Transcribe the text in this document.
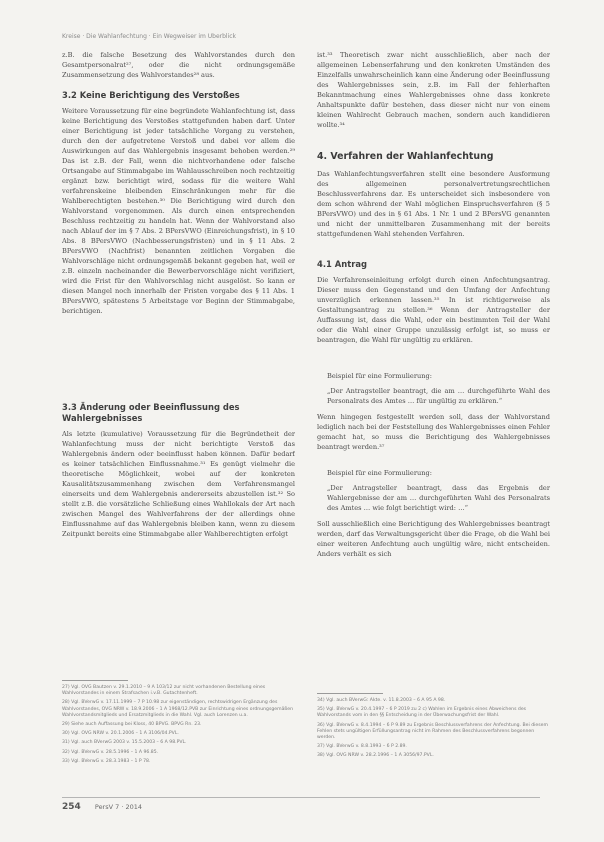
Kreise · Die Wahlanfechtung · Ein Wegweiser im Überblick

z.B. die falsche Besetzung des Wahlvorstandes durch den Gesamtpersonalrat²⁷, oder die nicht ordnungsgemäße Zusammensetzung des Wahlvorstandes²⁸ aus.

3.2 Keine Berichtigung des Verstoßes

Weitere Voraussetzung für eine begründete Wahlanfechtung ist, dass keine Berichtigung des Verstoßes stattgefunden haben darf. Unter einer Berichtigung ist jeder tatsächliche Vorgang zu verstehen, durch den der aufgetretene Verstoß und dabei vor allem die Auswirkungen auf das Wahlergebnis insgesamt behoben werden.²⁹ Das ist z.B. der Fall, wenn die nichtvorhandene oder falsche Ortsangabe auf Stimmabgabe im Wahlausschreiben noch rechtzeitig ergänzt bzw. berichtigt wird, sodass für die weitere Wahl verfahrenskeine bleibenden Einschränkungen mehr für die Wahlberechtigten bestehen.³⁰ Die Berichtigung wird durch den Wahlvorstand vorgenommen. Als durch einen entsprechenden Beschluss rechtzeitig zu handeln hat. Wenn der Wahlvorstand also nach Ablauf der im § 7 Abs. 2 BPersVWO (Einreichungsfrist), in § 10 Abs. 8 BPersVWO (Nachbesserungsfristen) und in § 11 Abs. 2 BPersVWO (Nachfrist) benannten zeitlichen Vorgaben die Wahlvorschläge nicht ordnungsgemäß bekannt gegeben hat, weil er z.B. einzeln nacheinander die Bewerbervorschläge nicht verifiziert, wird die Frist für den Wahlvorschlag nicht ausgelöst. So kann er diesen Mangel noch innerhalb der Fristen vorgabe des § 11 Abs. 1 BPersVWO, spätestens 5 Arbeitstage vor Beginn der Stimmabgabe, berichtigen.

3.3 Änderung oder Beeinflussung des Wahlergebnisses

Als letzte (kumulative) Voraussetzung für die Begründetheit der Wahlanfechtung muss der nicht berichtigte Verstoß das Wahlergebnis ändern oder beeinflusst haben können. Dafür bedarf es keiner tatsächlichen Einflussnahme.³¹ Es genügt vielmehr die theoretische Möglichkeit, wobei auf der konkreten Kausalitätszusammenhang zwischen dem Verfahrensmangel einerseits und dem Wahlergebnis andererseits abzustellen ist.³² So stellt z.B. die vorsätzliche Schließung eines Wahllokals der Art nach zwischen Mangel des Wahlverfahrens der der allerdings ohne Einflussnahme auf das Wahlergebnis bleiben kann, wenn zu diesem Zeitpunkt bereits eine Stimmabgabe aller Wahlberechtigten erfolgt

ist.³³ Theoretisch zwar nicht ausschließlich, aber nach der allgemeinen Lebenserfahrung und den konkreten Umständen des Einzelfalls unwahrscheinlich kann eine Änderung oder Beeinflussung des Wahlergebnisses sein, z.B. im Fall der fehlerhaften Bekanntmachung eines Wahlergebnisses ohne dass konkrete Anhaltspunkte dafür bestehen, dass dieser nicht nur von einem kleinen Wahlrecht Gebrauch machen, sondern auch kandidieren wollte.³⁴

4. Verfahren der Wahlanfechtung

Das Wahlanfechtungsverfahren stellt eine besondere Ausformung des allgemeinen personalvertretungsrechtlichen Beschlussverfahrens dar. Es unterscheidet sich insbesondere von dem schon während der Wahl möglichen Einspruchsverfahren (§ 5 BPersVWO) und des in § 61 Abs. 1 Nr. 1 und 2 BPersVG genannten und nicht der unmittelbaren Zusammenhang mit der bereits stattgefundenen Wahl stehenden Verfahren.

4.1 Antrag

Die Verfahrenseinleitung erfolgt durch einen Anfechtungsantrag. Dieser muss den Gegenstand und den Umfang der Anfechtung unverzüglich erkennen lassen.³⁵ In ist richtigerweise als Gestaltungsantrag zu stellen.³⁶ Wenn der Antragsteller der Auffassung ist, dass die Wahl, oder ein bestimmten Teil der Wahl oder die Wahl einer Gruppe unzulässig erfolgt ist, so muss er beantragen, die Wahl für ungültig zu erklären.

Beispiel für eine Formulierung:
„Der Antragsteller beantragt, die am … durchgeführte Wahl des Personalrats des Amtes … für ungültig zu erklären.“

Wenn hingegen festgestellt werden soll, dass der Wahlvorstand lediglich nach bei der Feststellung des Wahlergebnisses einen Fehler gemacht hat, so muss die Berichtigung des Wahlergebnisses beantragt werden.³⁷

Beispiel für eine Formulierung:
„Der Antragsteller beantragt, dass das Ergebnis der Wahlergebnisse der am … durchgeführten Wahl des Personalrats des Amtes … wie folgt berichtigt wird: …“

Soll ausschließlich eine Berichtigung des Wahlergebnisses beantragt werden, darf das Verwaltungsgericht über die Frage, ob die Wahl bei einer weiteren Anfechtung auch ungültig wäre, nicht entscheiden. Anders verhält es sich

27) Vgl. OVG Bautzen v. 29.1.2010 – 9 A 103/12 zur nicht vorhandenen Bestellung eines Wahlvorstandes in einem Strafsachen i.v.B. Gutachtenheft.
28) Vgl. BVerwG v. 17.11.1999 – 7 P 10.98 zur eigenständigen, rechtswidrigen Ergänzung des Wahlvorstandes, OVG NRW v. 18.9.2006 – 1 A 1968/12.PVB zur Einrichtung eines ordnungsgemäßen Wahlvorstandsmitglieds und Ersatzmitglieds in die Wahl. Vgl. auch Lorenzen u.a.
29) Siehe auch Auffassung bei Kloss, 40 BPVG. BPVG Rn. 23.
30) Vgl. OVG NRW v. 20.1.2006 – 1 A 3106/04.PVL.
31) Vgl. auch BVerwG 2003 v. 15.5.2003 – 6 A 98.PVL.
32) Vgl. BVerwG v. 28.5.1996 – 1 A 96.85.
33) Vgl. BVerwG v. 28.3.1983 – 1 P 78.
34) Vgl. auch BVerwG: Akte. v. 11.8.2003 – 6 A 95 A 98.
35) Vgl. BVerwG v. 20.4.1997 – 6 P 2019 zu 2 c) Wahlen im Ergebnis eines Abweichens des Wahlvorstands vom in den §§ Entscheidung in der Überwachungsfrist der Wahl.
36) Vgl. BVerwG v. 8.4.1994 – 6 P 9.89 zu Ergebnis Beschlussverfahrens der Anfechtung. Bei diesem Fehlen stets ungültigen Erfüllungsantrag nicht im Rahmen des Beschlussverfahrens begonnen werden.
37) Vgl. BVerwG v. 8.8.1993 – 6 P 2.89.
38) Vgl. OVG NRW v. 28.2.1996 – 1 A 3056/97.PVL.
254 PersV 7 · 2014
